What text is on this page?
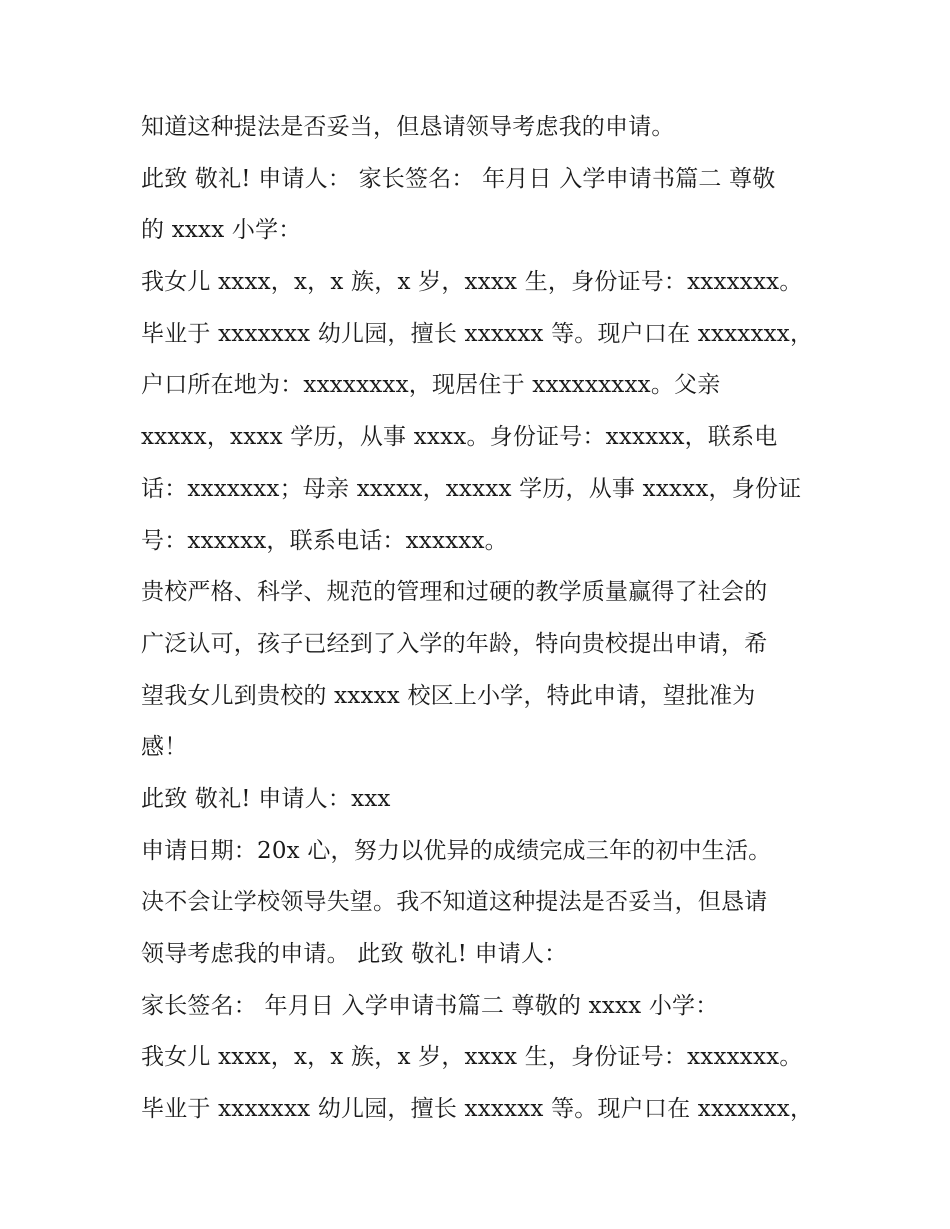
知道这种提法是否妥当，但恳请领导考虑我的申请。
此致 敬礼! 申请人： 家长签名： 年月日 入学申请书篇二 尊敬
的 xxxx 小学：
我女儿 xxxx，x，x 族，x 岁，xxxx 生，身份证号：xxxxxxx。
毕业于 xxxxxxx 幼儿园，擅长 xxxxxx 等。现户口在 xxxxxxx，
户口所在地为：xxxxxxxx，现居住于 xxxxxxxxx。父亲
xxxxx，xxxx 学历，从事 xxxx。身份证号：xxxxxx，联系电
话：xxxxxxx；母亲 xxxxx，xxxxx 学历，从事 xxxxx，身份证
号：xxxxxx，联系电话：xxxxxx。
贵校严格、科学、规范的管理和过硬的教学质量赢得了社会的
广泛认可，孩子已经到了入学的年龄，特向贵校提出申请，希
望我女儿到贵校的 xxxxx 校区上小学，特此申请，望批准为
感！
此致 敬礼! 申请人：xxx
申请日期：20x 心，努力以优异的成绩完成三年的初中生活。
决不会让学校领导失望。我不知道这种提法是否妥当，但恳请
领导考虑我的申请。 此致 敬礼! 申请人：
家长签名： 年月日 入学申请书篇二 尊敬的 xxxx 小学：
我女儿 xxxx，x，x 族，x 岁，xxxx 生，身份证号：xxxxxxx。
毕业于 xxxxxxx 幼儿园，擅长 xxxxxx 等。现户口在 xxxxxxx，
